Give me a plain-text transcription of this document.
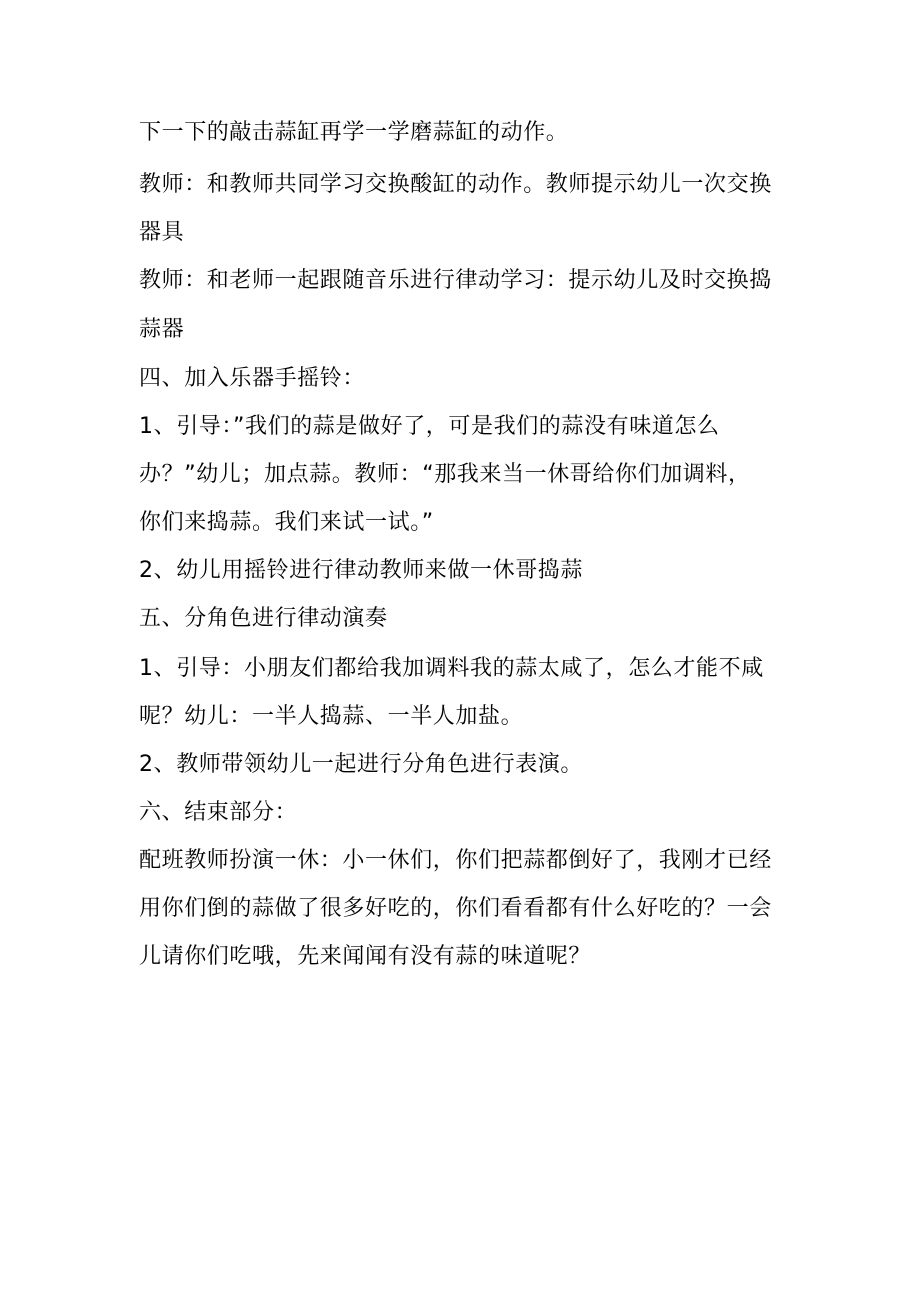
下一下的敲击蒜缸再学一学磨蒜缸的动作。
教师：和教师共同学习交换酸缸的动作。教师提示幼儿一次交换
器具
教师：和老师一起跟随音乐进行律动学习：提示幼儿及时交换捣
蒜器
四、加入乐器手摇铃：
1、引导：”我们的蒜是做好了，可是我们的蒜没有味道怎么
办？”幼儿；加点蒜。教师：“那我来当一休哥给你们加调料，
你们来捣蒜。我们来试一试。”
2、幼儿用摇铃进行律动教师来做一休哥捣蒜
五、分角色进行律动演奏
1、引导：小朋友们都给我加调料我的蒜太咸了，怎么才能不咸
呢？幼儿：一半人捣蒜、一半人加盐。
2、教师带领幼儿一起进行分角色进行表演。
六、结束部分：
配班教师扮演一休：小一休们，你们把蒜都倒好了，我刚才已经
用你们倒的蒜做了很多好吃的，你们看看都有什么好吃的？一会
儿请你们吃哦，先来闻闻有没有蒜的味道呢？
